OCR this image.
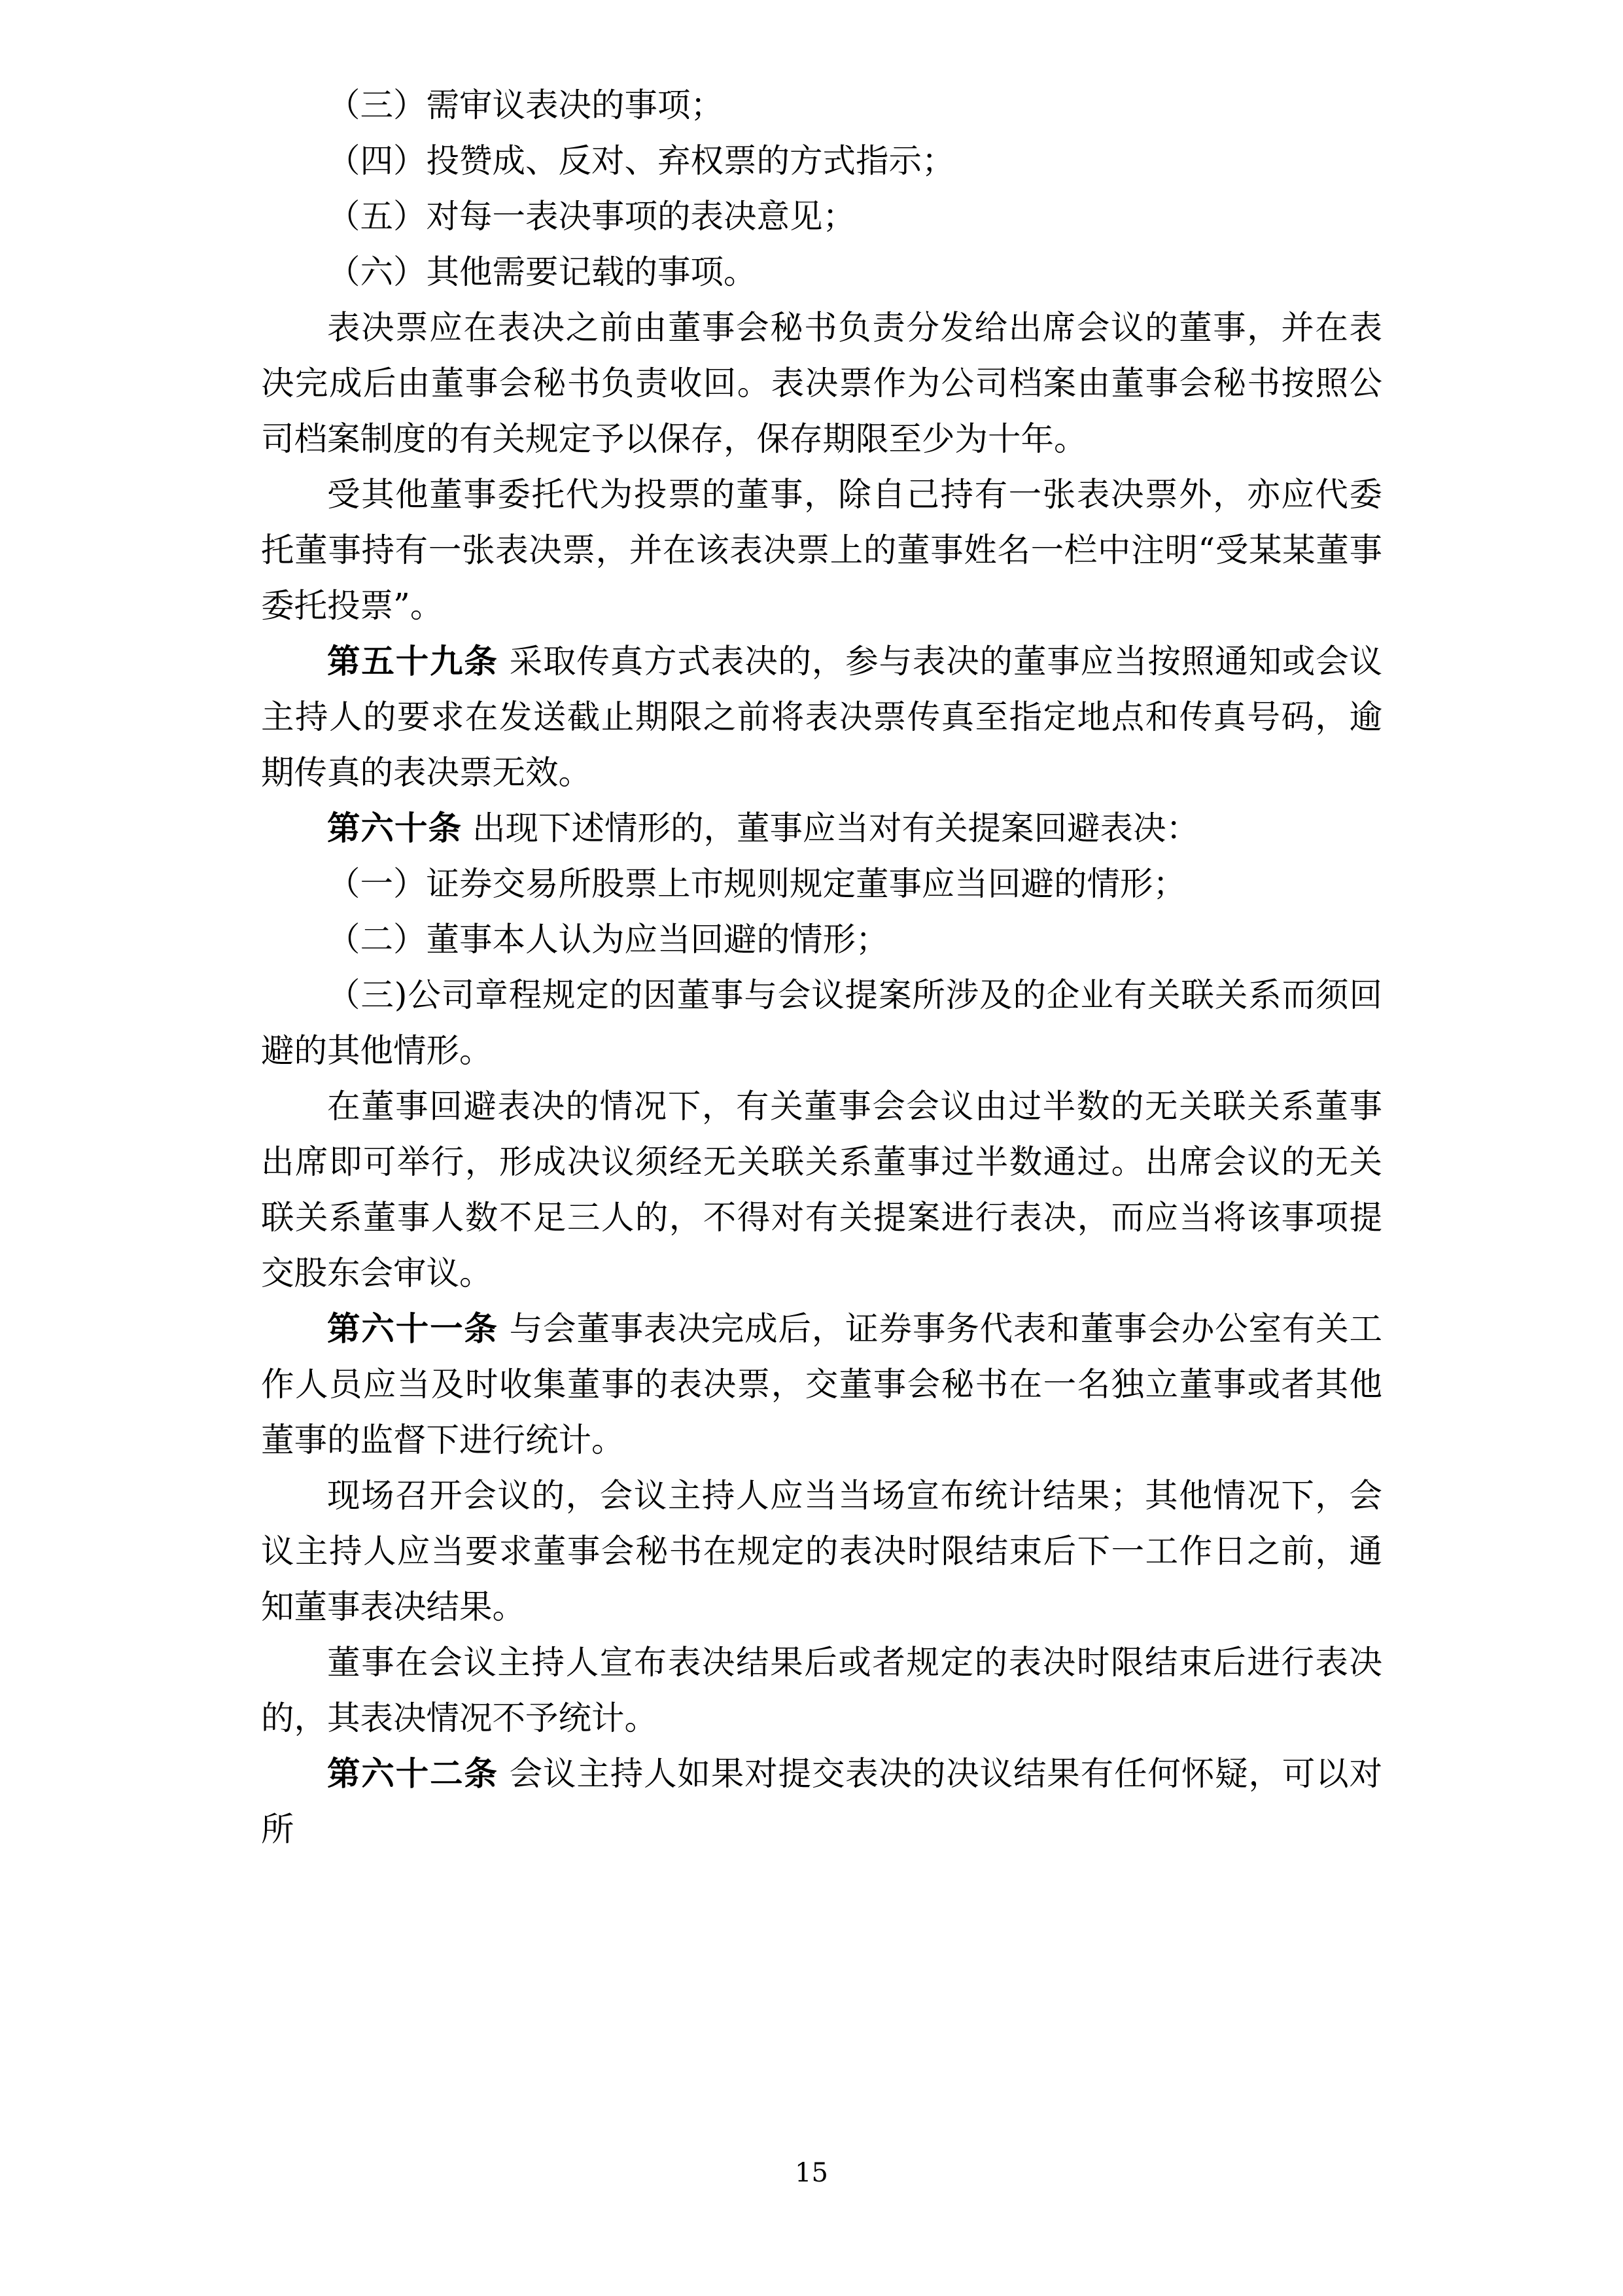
（三）需审议表决的事项；

（四）投赞成、反对、弃权票的方式指示；

（五）对每一表决事项的表决意见；

（六）其他需要记载的事项。

表决票应在表决之前由董事会秘书负责分发给出席会议的董事，并在表决完成后由董事会秘书负责收回。表决票作为公司档案由董事会秘书按照公司档案制度的有关规定予以保存，保存期限至少为十年。

受其他董事委托代为投票的董事，除自己持有一张表决票外，亦应代委托董事持有一张表决票，并在该表决票上的董事姓名一栏中注明“受某某董事委托投票”。

第五十九条 采取传真方式表决的，参与表决的董事应当按照通知或会议主持人的要求在发送截止期限之前将表决票传真至指定地点和传真号码，逾期传真的表决票无效。

第六十条 出现下述情形的，董事应当对有关提案回避表决：

（一）证券交易所股票上市规则规定董事应当回避的情形；

（二）董事本人认为应当回避的情形；

（三)公司章程规定的因董事与会议提案所涉及的企业有关联关系而须回避的其他情形。

在董事回避表决的情况下，有关董事会会议由过半数的无关联关系董事出席即可举行，形成决议须经无关联关系董事过半数通过。出席会议的无关联关系董事人数不足三人的，不得对有关提案进行表决，而应当将该事项提交股东会审议。

第六十一条 与会董事表决完成后，证券事务代表和董事会办公室有关工作人员应当及时收集董事的表决票，交董事会秘书在一名独立董事或者其他董事的监督下进行统计。

现场召开会议的，会议主持人应当当场宣布统计结果；其他情况下，会议主持人应当要求董事会秘书在规定的表决时限结束后下一工作日之前，通知董事表决结果。

董事在会议主持人宣布表决结果后或者规定的表决时限结束后进行表决的，其表决情况不予统计。

第六十二条 会议主持人如果对提交表决的决议结果有任何怀疑，可以对所

15
